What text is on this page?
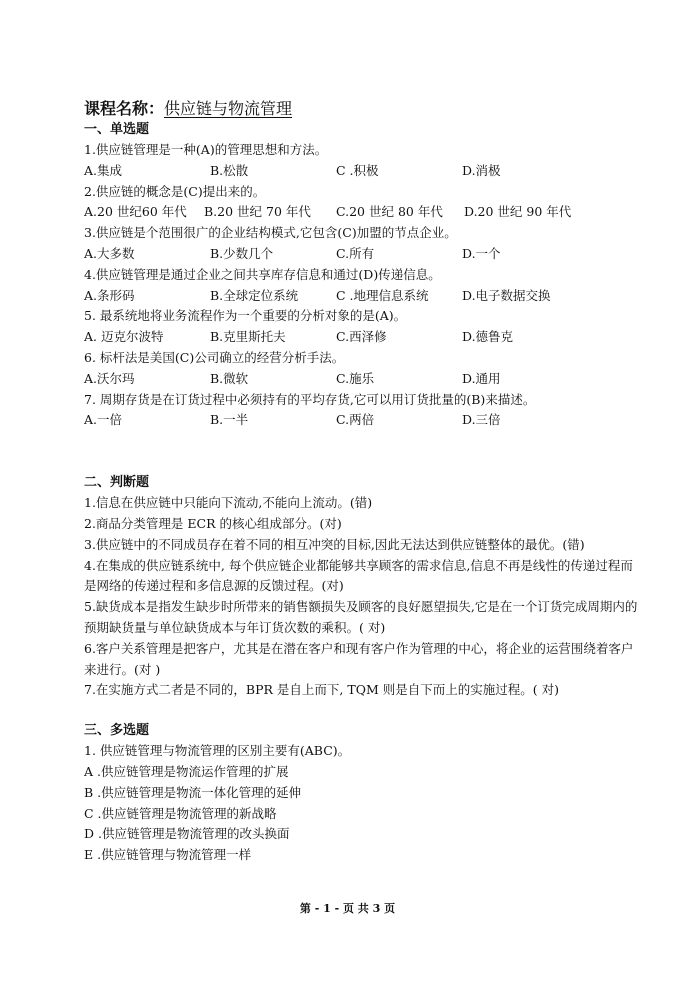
课程名称：供应链与物流管理

一、单选题

1.供应链管理是一种(A)的管理思想和方法。

A.集成	B.松散	C .积极	D.消极

2.供应链的概念是(C)提出来的。

A.20 世纪60 年代	B.20 世纪 70 年代	C.20 世纪 80 年代	D.20 世纪 90 年代

3.供应链是个范围很广的企业结构模式,它包含(C)加盟的节点企业。

A.大多数	B.少数几个	C.所有	D.一个

4.供应链管理是通过企业之间共享库存信息和通过(D)传递信息。

A.条形码	B.全球定位系统	C .地理信息系统	D.电子数据交换

5. 最系统地将业务流程作为一个重要的分析对象的是(A)。

A. 迈克尔波特	B.克里斯托夫	C.西泽修	D.德鲁克

6. 标杆法是美国(C)公司确立的经营分析手法。

A.沃尔玛	B.微软	C.施乐	D.通用

7. 周期存货是在订货过程中必须持有的平均存货,它可以用订货批量的(B)来描述。

A.一倍	B.一半	C.两倍	D.三倍

二、判断题

1.信息在供应链中只能向下流动,不能向上流动。(错)

2.商品分类管理是 ECR 的核心组成部分。(对)

3.供应链中的不同成员存在着不同的相互冲突的目标,因此无法达到供应链整体的最优。(错)

4.在集成的供应链系统中, 每个供应链企业都能够共享顾客的需求信息,信息不再是线性的传递过程而是网络的传递过程和多信息源的反馈过程。(对)

5.缺货成本是指发生缺步时所带来的销售额损失及顾客的良好愿望损失,它是在一个订货完成周期内的预期缺货量与单位缺货成本与年订货次数的乘积。( 对)

6.客户关系管理是把客户，尤其是在潜在客户和现有客户作为管理的中心，将企业的运营围绕着客户来进行。(对 )

7.在实施方式二者是不同的，BPR 是自上而下, TQM 则是自下而上的实施过程。( 对)

三、多选题

1. 供应链管理与物流管理的区别主要有(ABC)。

A .供应链管理是物流运作管理的扩展

B .供应链管理是物流一体化管理的延伸

C .供应链管理是物流管理的新战略

D .供应链管理是物流管理的改头换面

E .供应链管理与物流管理一样

第 - 1 - 页 共 3 页
